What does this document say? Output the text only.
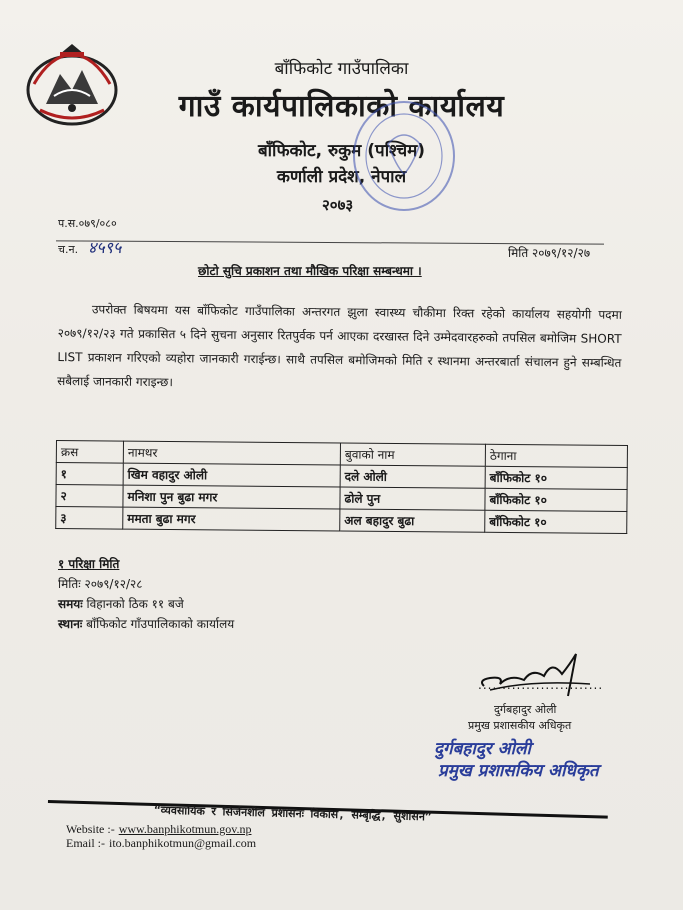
बाँफिकोट गाउँपालिका
गाउँ कार्यपालिकाको कार्यालय
बाँफिकोट, रुकुम (पश्चिम)
कर्णाली प्रदेश, नेपाल
२०७३
प.स.०७९/०८०
च.न. ४५९५	मिति २०७९/१२/२७
छोटो सुचि प्रकाशन तथा मौखिक परिक्षा सम्बन्धमा ।
उपरोक्त बिषयमा यस बाँफिकोट गाउँपालिका अन्तरगत झुला स्वास्थ्य चौकीमा रिक्त रहेको कार्यालय सहयोगी पदमा २०७९/१२/२३ गते प्रकासित ५ दिने सुचना अनुसार रितपुर्वक पर्न आएका दरखास्त दिने उम्मेदवारहरुको तपसिल बमोजिम SHORT LIST प्रकाशन गरिएको व्यहोरा जानकारी गराईन्छ। साथै तपसिल बमोजिमको मिति र स्थानमा अन्तरबार्ता संचालन हुने सम्बन्धित सबैलाई जानकारी गराइन्छ।
क्रस	नामथर	बुवाको नाम	ठेगाना
१	खिम वहादुर ओली	दले ओली	बाँफिकोट १०
२	मनिशा पुन बुढा मगर	ढोले पुन	बाँफिकोट १०
३	ममता बुढा मगर	अल बहादुर बुढा	बाँफिकोट १०
१ परिक्षा मिति
मितिः २०७९/१२/२८
समयः विहानको ठिक ११ बजे
स्थानः बाँफिकोट गाँउपालिकाको कार्यालय
..........................
दुर्गबहादुर ओली
प्रमुख प्रशासकीय अधिकृत
दुर्गबहादुर ओली
प्रमुख प्रशासकिय अधिकृत
“व्यवसायिक र सिर्जनशील प्रशासनः विकास, सम्बृद्धि, सुशासन”
Website :- www.banphikotmun.gov.np
Email :- ito.banphikotmun@gmail.com
